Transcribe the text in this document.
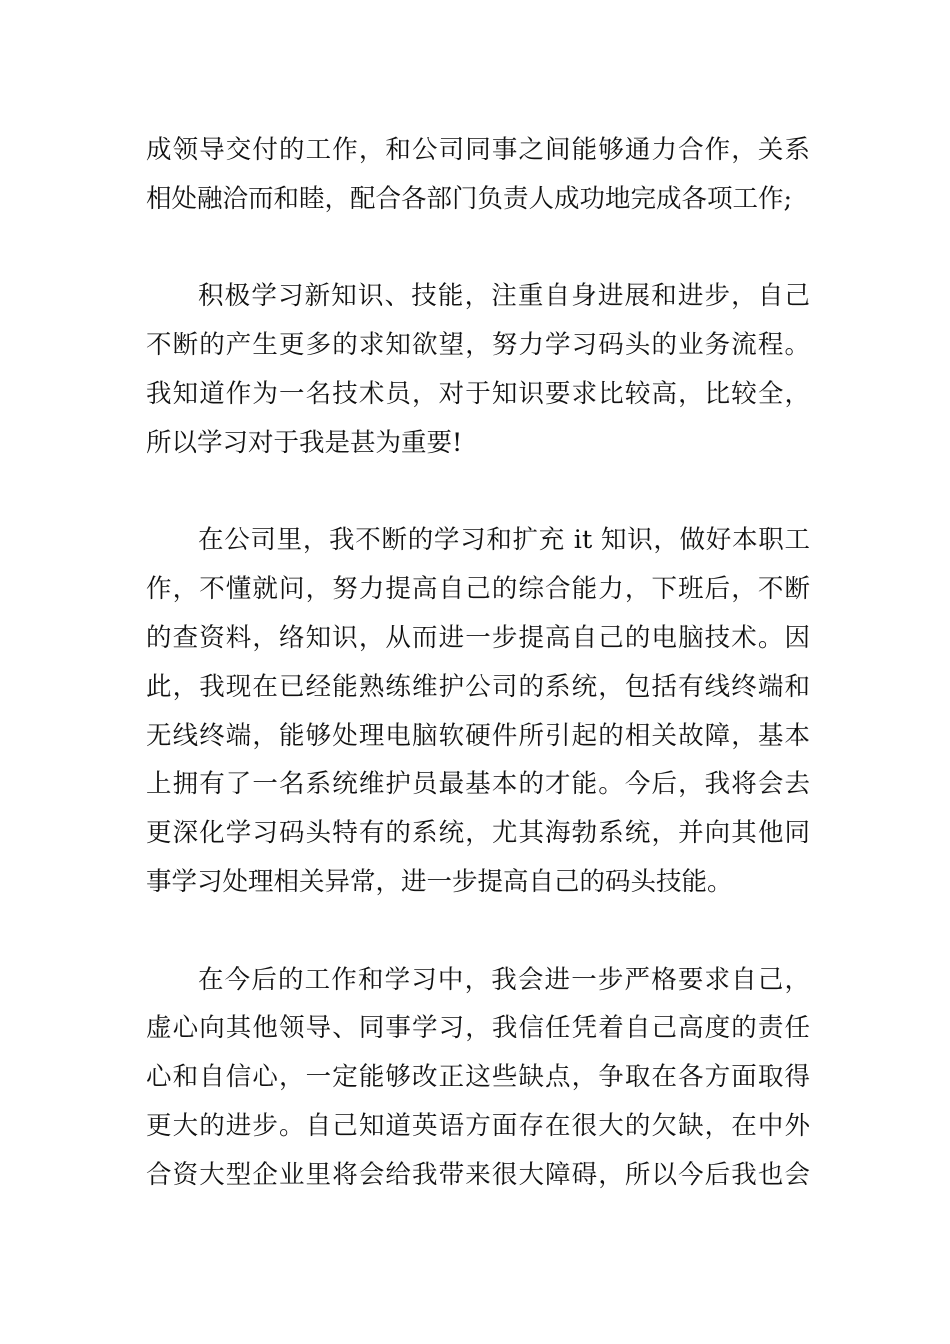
成领导交付的工作，和公司同事之间能够通力合作，关系
相处融洽而和睦，配合各部门负责人成功地完成各项工作;
积极学习新知识、技能，注重自身进展和进步，自己
不断的产生更多的求知欲望，努力学习码头的业务流程。
我知道作为一名技术员，对于知识要求比较高，比较全，
所以学习对于我是甚为重要!
在公司里，我不断的学习和扩充 it 知识，做好本职工
作，不懂就问，努力提高自己的综合能力，下班后，不断
的查资料，络知识，从而进一步提高自己的电脑技术。因
此，我现在已经能熟练维护公司的系统，包括有线终端和
无线终端，能够处理电脑软硬件所引起的相关故障，基本
上拥有了一名系统维护员最基本的才能。今后，我将会去
更深化学习码头特有的系统，尤其海勃系统，并向其他同
事学习处理相关异常，进一步提高自己的码头技能。
在今后的工作和学习中，我会进一步严格要求自己，
虚心向其他领导、同事学习，我信任凭着自己高度的责任
心和自信心，一定能够改正这些缺点，争取在各方面取得
更大的进步。自己知道英语方面存在很大的欠缺，在中外
合资大型企业里将会给我带来很大障碍，所以今后我也会
